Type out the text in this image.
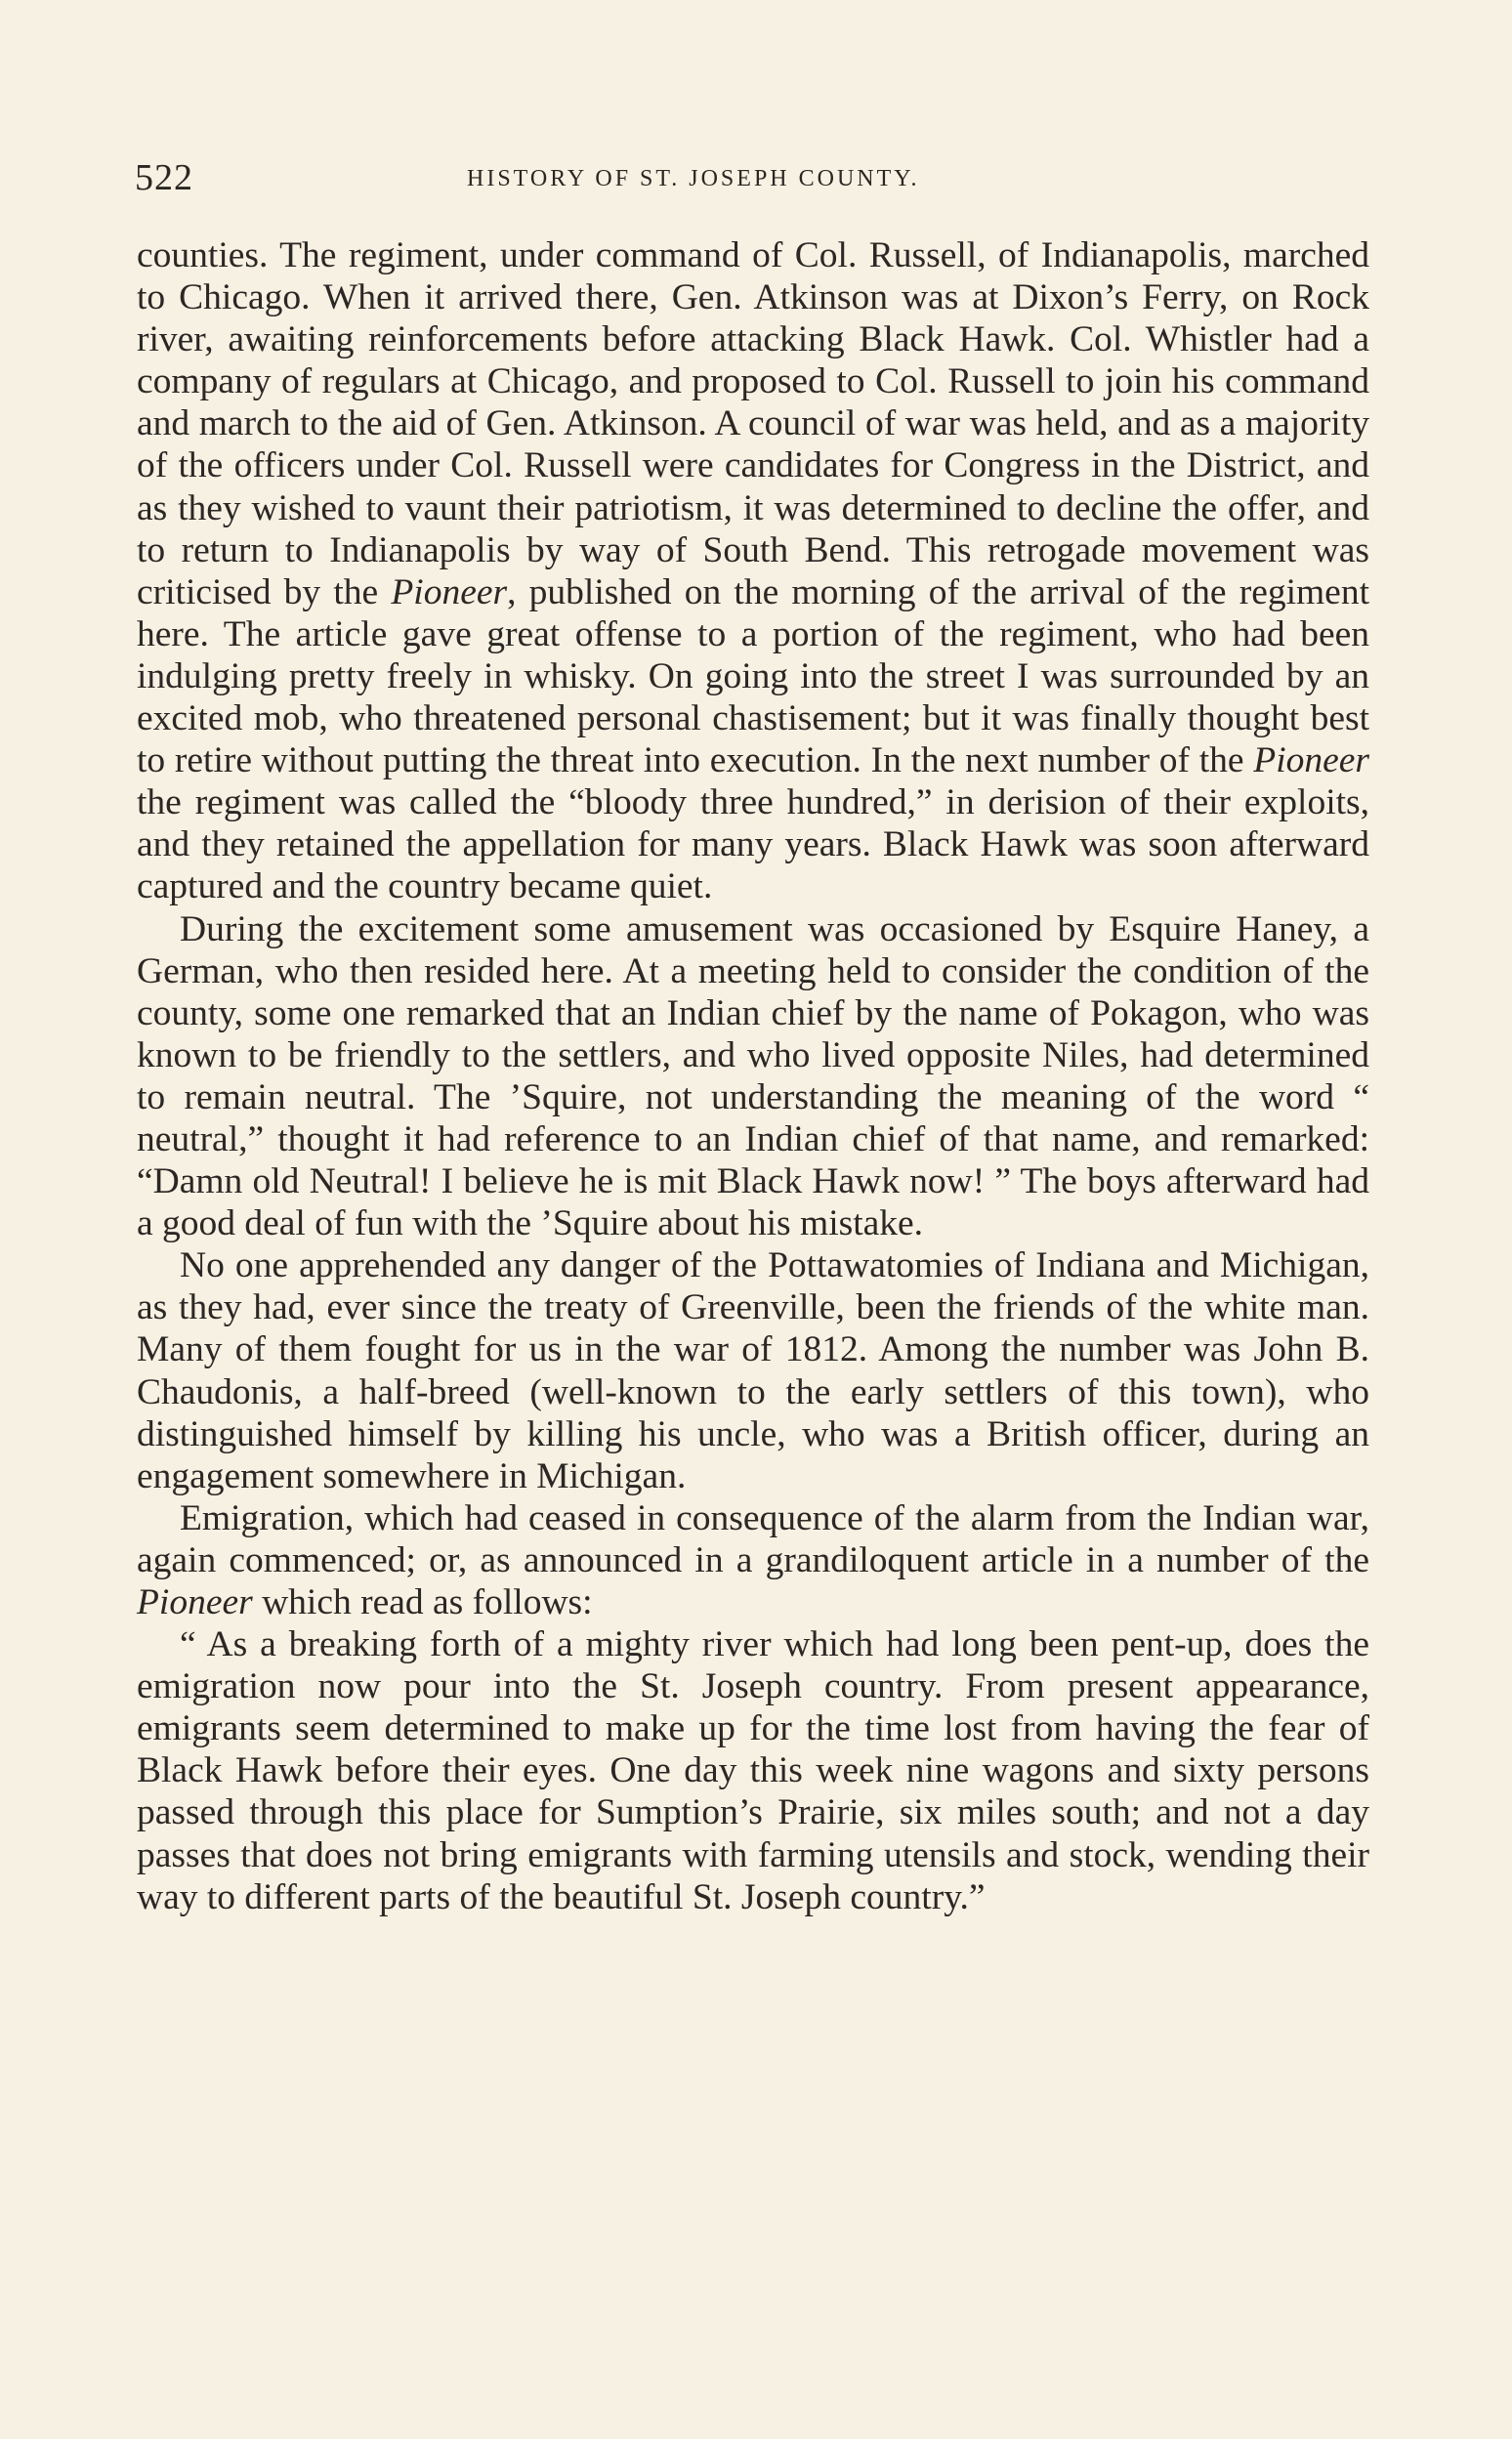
522	HISTORY OF ST. JOSEPH COUNTY.

counties. The regiment, under command of Col. Russell, of Indianapolis, marched to Chicago. When it arrived there, Gen. Atkinson was at Dixon’s Ferry, on Rock river, awaiting reinforcements before attacking Black Hawk. Col. Whistler had a company of regulars at Chicago, and proposed to Col. Russell to join his command and march to the aid of Gen. Atkinson. A council of war was held, and as a majority of the officers under Col. Russell were candidates for Congress in the District, and as they wished to vaunt their patriotism, it was determined to decline the offer, and to return to Indianapolis by way of South Bend. This retrogade movement was criticised by the Pioneer, published on the morning of the arrival of the regiment here. The article gave great offense to a portion of the regiment, who had been indulging pretty freely in whisky. On going into the street I was surrounded by an excited mob, who threatened personal chastisement; but it was finally thought best to retire without putting the threat into execution. In the next number of the Pioneer the regiment was called the “bloody three hundred,” in derision of their exploits, and they retained the appellation for many years. Black Hawk was soon afterward captured and the country became quiet.

During the excitement some amusement was occasioned by Esquire Haney, a German, who then resided here. At a meeting held to consider the condition of the county, some one remarked that an Indian chief by the name of Pokagon, who was known to be friendly to the settlers, and who lived opposite Niles, had determined to remain neutral. The ’Squire, not understanding the meaning of the word “ neutral,” thought it had reference to an Indian chief of that name, and remarked: “Damn old Neutral! I believe he is mit Black Hawk now! ” The boys afterward had a good deal of fun with the ’Squire about his mistake.

No one apprehended any danger of the Pottawatomies of Indiana and Michigan, as they had, ever since the treaty of Greenville, been the friends of the white man. Many of them fought for us in the war of 1812. Among the number was John B. Chaudonis, a half-breed (well-known to the early settlers of this town), who distinguished himself by killing his uncle, who was a British officer, during an engagement somewhere in Michigan.

Emigration, which had ceased in consequence of the alarm from the Indian war, again commenced; or, as announced in a grandiloquent article in a number of the Pioneer which read as follows:

“ As a breaking forth of a mighty river which had long been pent-up, does the emigration now pour into the St. Joseph country. From present appearance, emigrants seem determined to make up for the time lost from having the fear of Black Hawk before their eyes. One day this week nine wagons and sixty persons passed through this place for Sumption’s Prairie, six miles south; and not a day passes that does not bring emigrants with farming utensils and stock, wending their way to different parts of the beautiful St. Joseph country.”
